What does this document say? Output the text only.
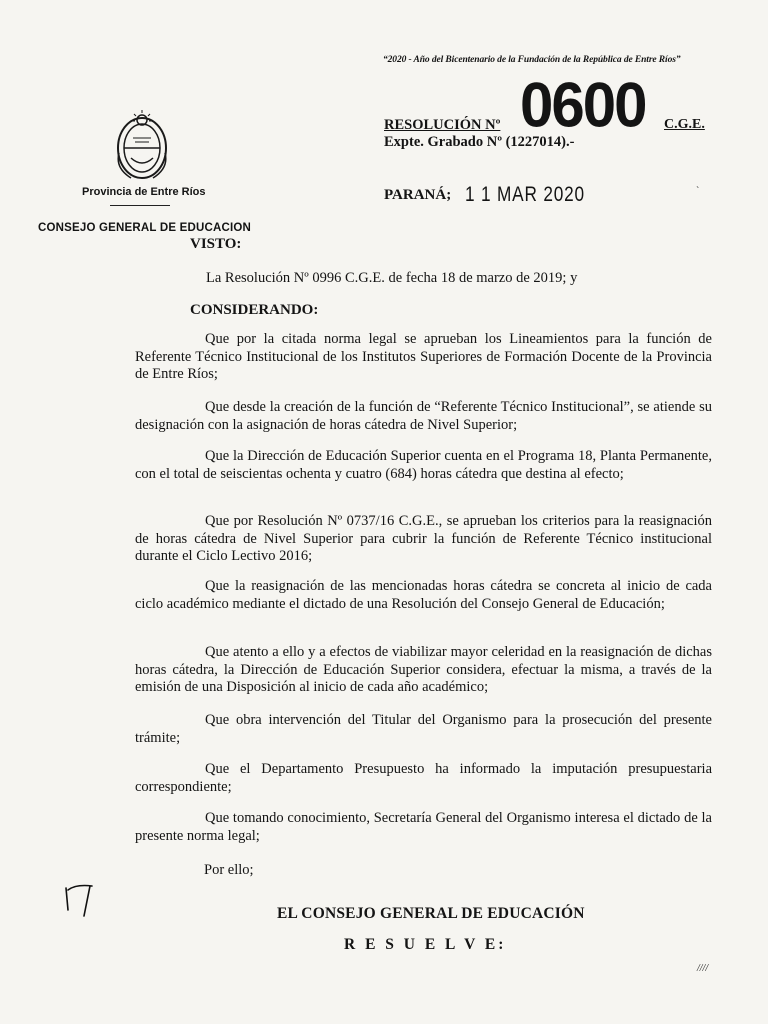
“2020 - Año del Bicentenario de la Fundación de la República de Entre Ríos”
Provincia de Entre Ríos
CONSEJO GENERAL DE EDUCACION
RESOLUCIÓN Nº 0600 C.G.E.
Expte. Grabado Nº (1227014).-
PARANÁ; 1 1 MAR 2020	`
VISTO:
La Resolución Nº 0996 C.G.E. de fecha 18 de marzo de 2019; y
CONSIDERANDO:
Que por la citada norma legal se aprueban los Lineamientos para la función de Referente Técnico Institucional de los Institutos Superiores de Formación Docente de la Provincia de Entre Ríos;
Que desde la creación de la función de “Referente Técnico Institucional”, se atiende su designación con la asignación de horas cátedra de Nivel Superior;
Que la Dirección de Educación Superior cuenta en el Programa 18, Planta Permanente, con el total de seiscientas ochenta y cuatro (684) horas cátedra que destina al efecto;
Que por Resolución Nº 0737/16 C.G.E., se aprueban los criterios para la reasignación de horas cátedra de Nivel Superior para cubrir la función de Referente Técnico institucional durante el Ciclo Lectivo 2016;
Que la reasignación de las mencionadas horas cátedra se concreta al inicio de cada ciclo académico mediante el dictado de una Resolución del Consejo General de Educación;
Que atento a ello y a efectos de viabilizar mayor celeridad en la reasignación de dichas horas cátedra, la Dirección de Educación Superior considera, efectuar la misma, a través de la emisión de una Disposición al inicio de cada año académico;
Que obra intervención del Titular del Organismo para la prosecución del presente trámite;
Que el Departamento Presupuesto ha informado la imputación presupuestaria correspondiente;
Que tomando conocimiento, Secretaría General del Organismo interesa el dictado de la presente norma legal;
Por ello;
EL CONSEJO GENERAL DE EDUCACIÓN
R E S U E L V E:
////
